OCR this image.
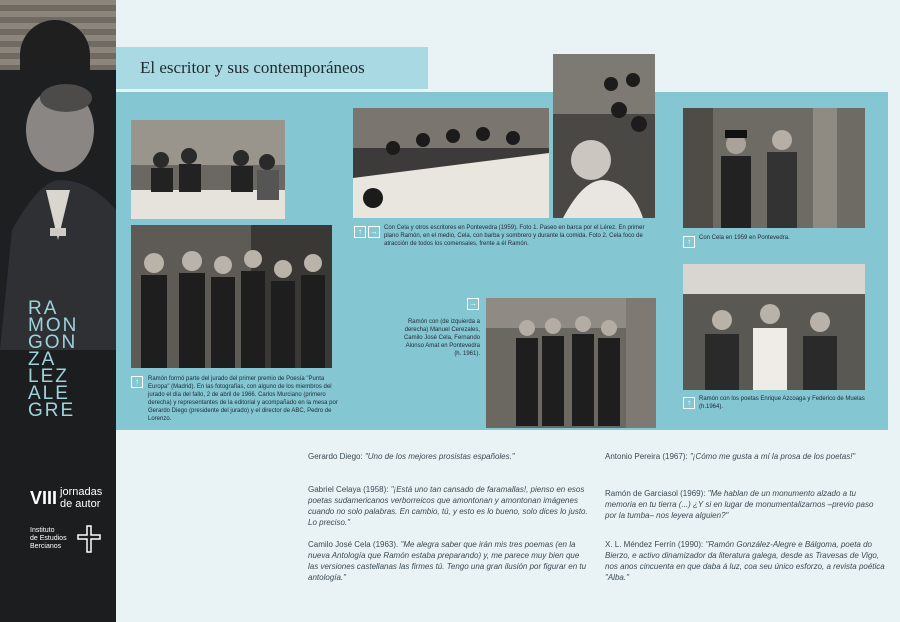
RA
MON
GON
ZA
LEZ
ALE
GRE
VIII jornadas
de autor
Instituto
de Estudios
Bercianos
El escritor y sus contemporáneos
↑	→	Con Cela y otros escritores en Pontevedra (1959). Foto 1. Paseo en barca por el Lérez. En primer plano Ramón, en el medio, Cela, con barba y sombrero y durante la comida. Foto 2. Cela foco de atracción de todos los comensales, frente a él Ramón.	↑	Con Cela en 1959 en Pontevedra.
↑	Ramón formó parte del jurado del primer premio de Poesía "Punta Europa" (Madrid). En las fotografías, con alguno de los miembros del jurado el día del fallo, 2 de abril de 1966. Carlos Murciano (primero derecha) y representantes de la editorial y acompañado en la mesa por Gerardo Diego (presidente del jurado) y el director de ABC, Pedro de Lorenzo.
→
Ramón con (de izquierda a derecha) Manuel Cerezales, Camilo José Cela, Fernando Alonso Amat en Pontevedra (h. 1961).
↑	Ramón con los poetas Enrique Azcoaga y Federico de Muelas (h.1964).
Gerardo Diego: "Uno de los mejores prosistas españoles."
Gabriel Celaya (1958): "¡Está uno tan cansado de faramallas!, pienso en esos poetas sudamericanos verborreicos que amontonan y amontonan imágenes cuando no solo palabras. En cambio, tú, y esto es lo bueno, solo dices lo justo. Lo preciso."
Camilo José Cela (1963). "Me alegra saber que irán mis tres poemas (en la nueva Antología que Ramón estaba preparando) y, me parece muy bien que las versiones castellanas las firmes tú. Tengo una gran ilusión por figurar en tu antología."
Antonio Pereira (1967): "¡Cómo me gusta a mí la prosa de los poetas!"
Ramón de Garciasol (1969): "Me hablan de un monumento alzado a tu memoria en tu tierra (...) ¿Y si en lugar de monumentalizarnos –previo paso por la tumba– nos leyera alguien?"
X. L. Méndez Ferrín (1990): "Ramón González-Alegre e Bálgoma, poeta do Bierzo, e activo dinamizador da literatura galega, desde as Travesas de Vigo, nos anos cincuenta en que daba á luz, coa seu único esforzo, a revista poética "Alba."
